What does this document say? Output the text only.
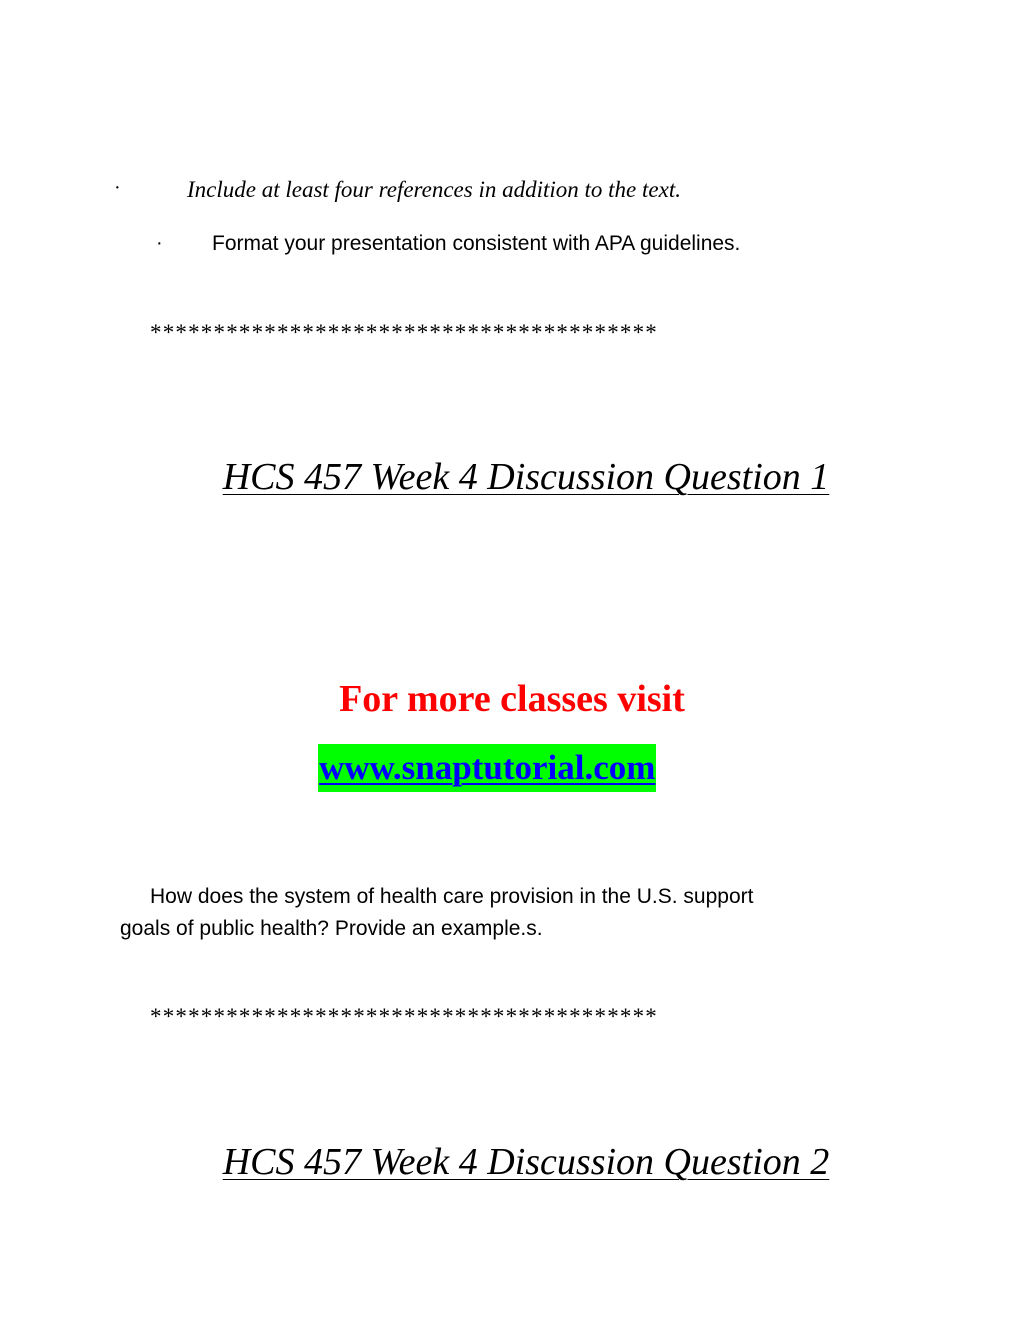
·	Include at least four references in addition to the text.
· Format your presentation consistent with APA guidelines.
****************************************
HCS 457 Week 4 Discussion Question 1
For more classes visit
www.snaptutorial.com
How does the system of health care provision in the U.S. support
goals of public health? Provide an example.s.
****************************************
HCS 457 Week 4 Discussion Question 2
